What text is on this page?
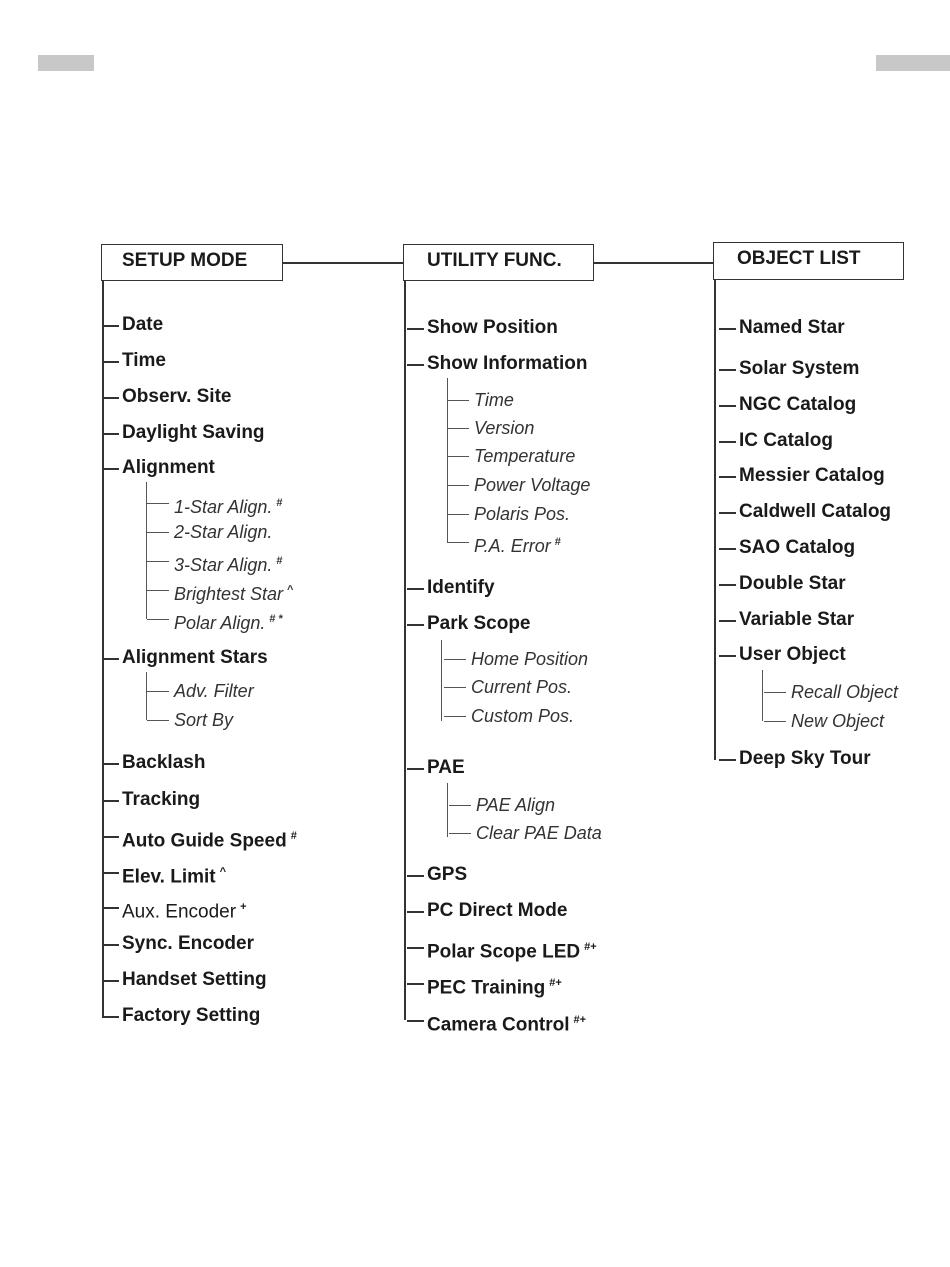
SETUP MODE	UTILITY FUNC.	OBJECT LIST
Date
Time
Observ. Site
Daylight Saving
Alignment
1-Star Align. #
2-Star Align.
3-Star Align. #
Brightest Star ^
Polar Align. # *
Alignment Stars
Adv. Filter
Sort By
Backlash
Tracking
Auto Guide Speed #
Elev. Limit ^
Aux. Encoder +
Sync. Encoder
Handset Setting
Factory Setting
Show Position
Show Information
Time
Version
Temperature
Power Voltage
Polaris Pos.
P.A. Error #
Identify
Park Scope
Home Position
Current Pos.
Custom Pos.
PAE
PAE Align
Clear PAE Data
GPS
PC Direct Mode
Polar Scope LED #+
PEC Training #+
Camera Control #+
Named Star
Solar System
NGC Catalog
IC Catalog
Messier Catalog
Caldwell Catalog
SAO Catalog
Double Star
Variable Star
User Object
Recall Object
New Object
Deep Sky Tour
